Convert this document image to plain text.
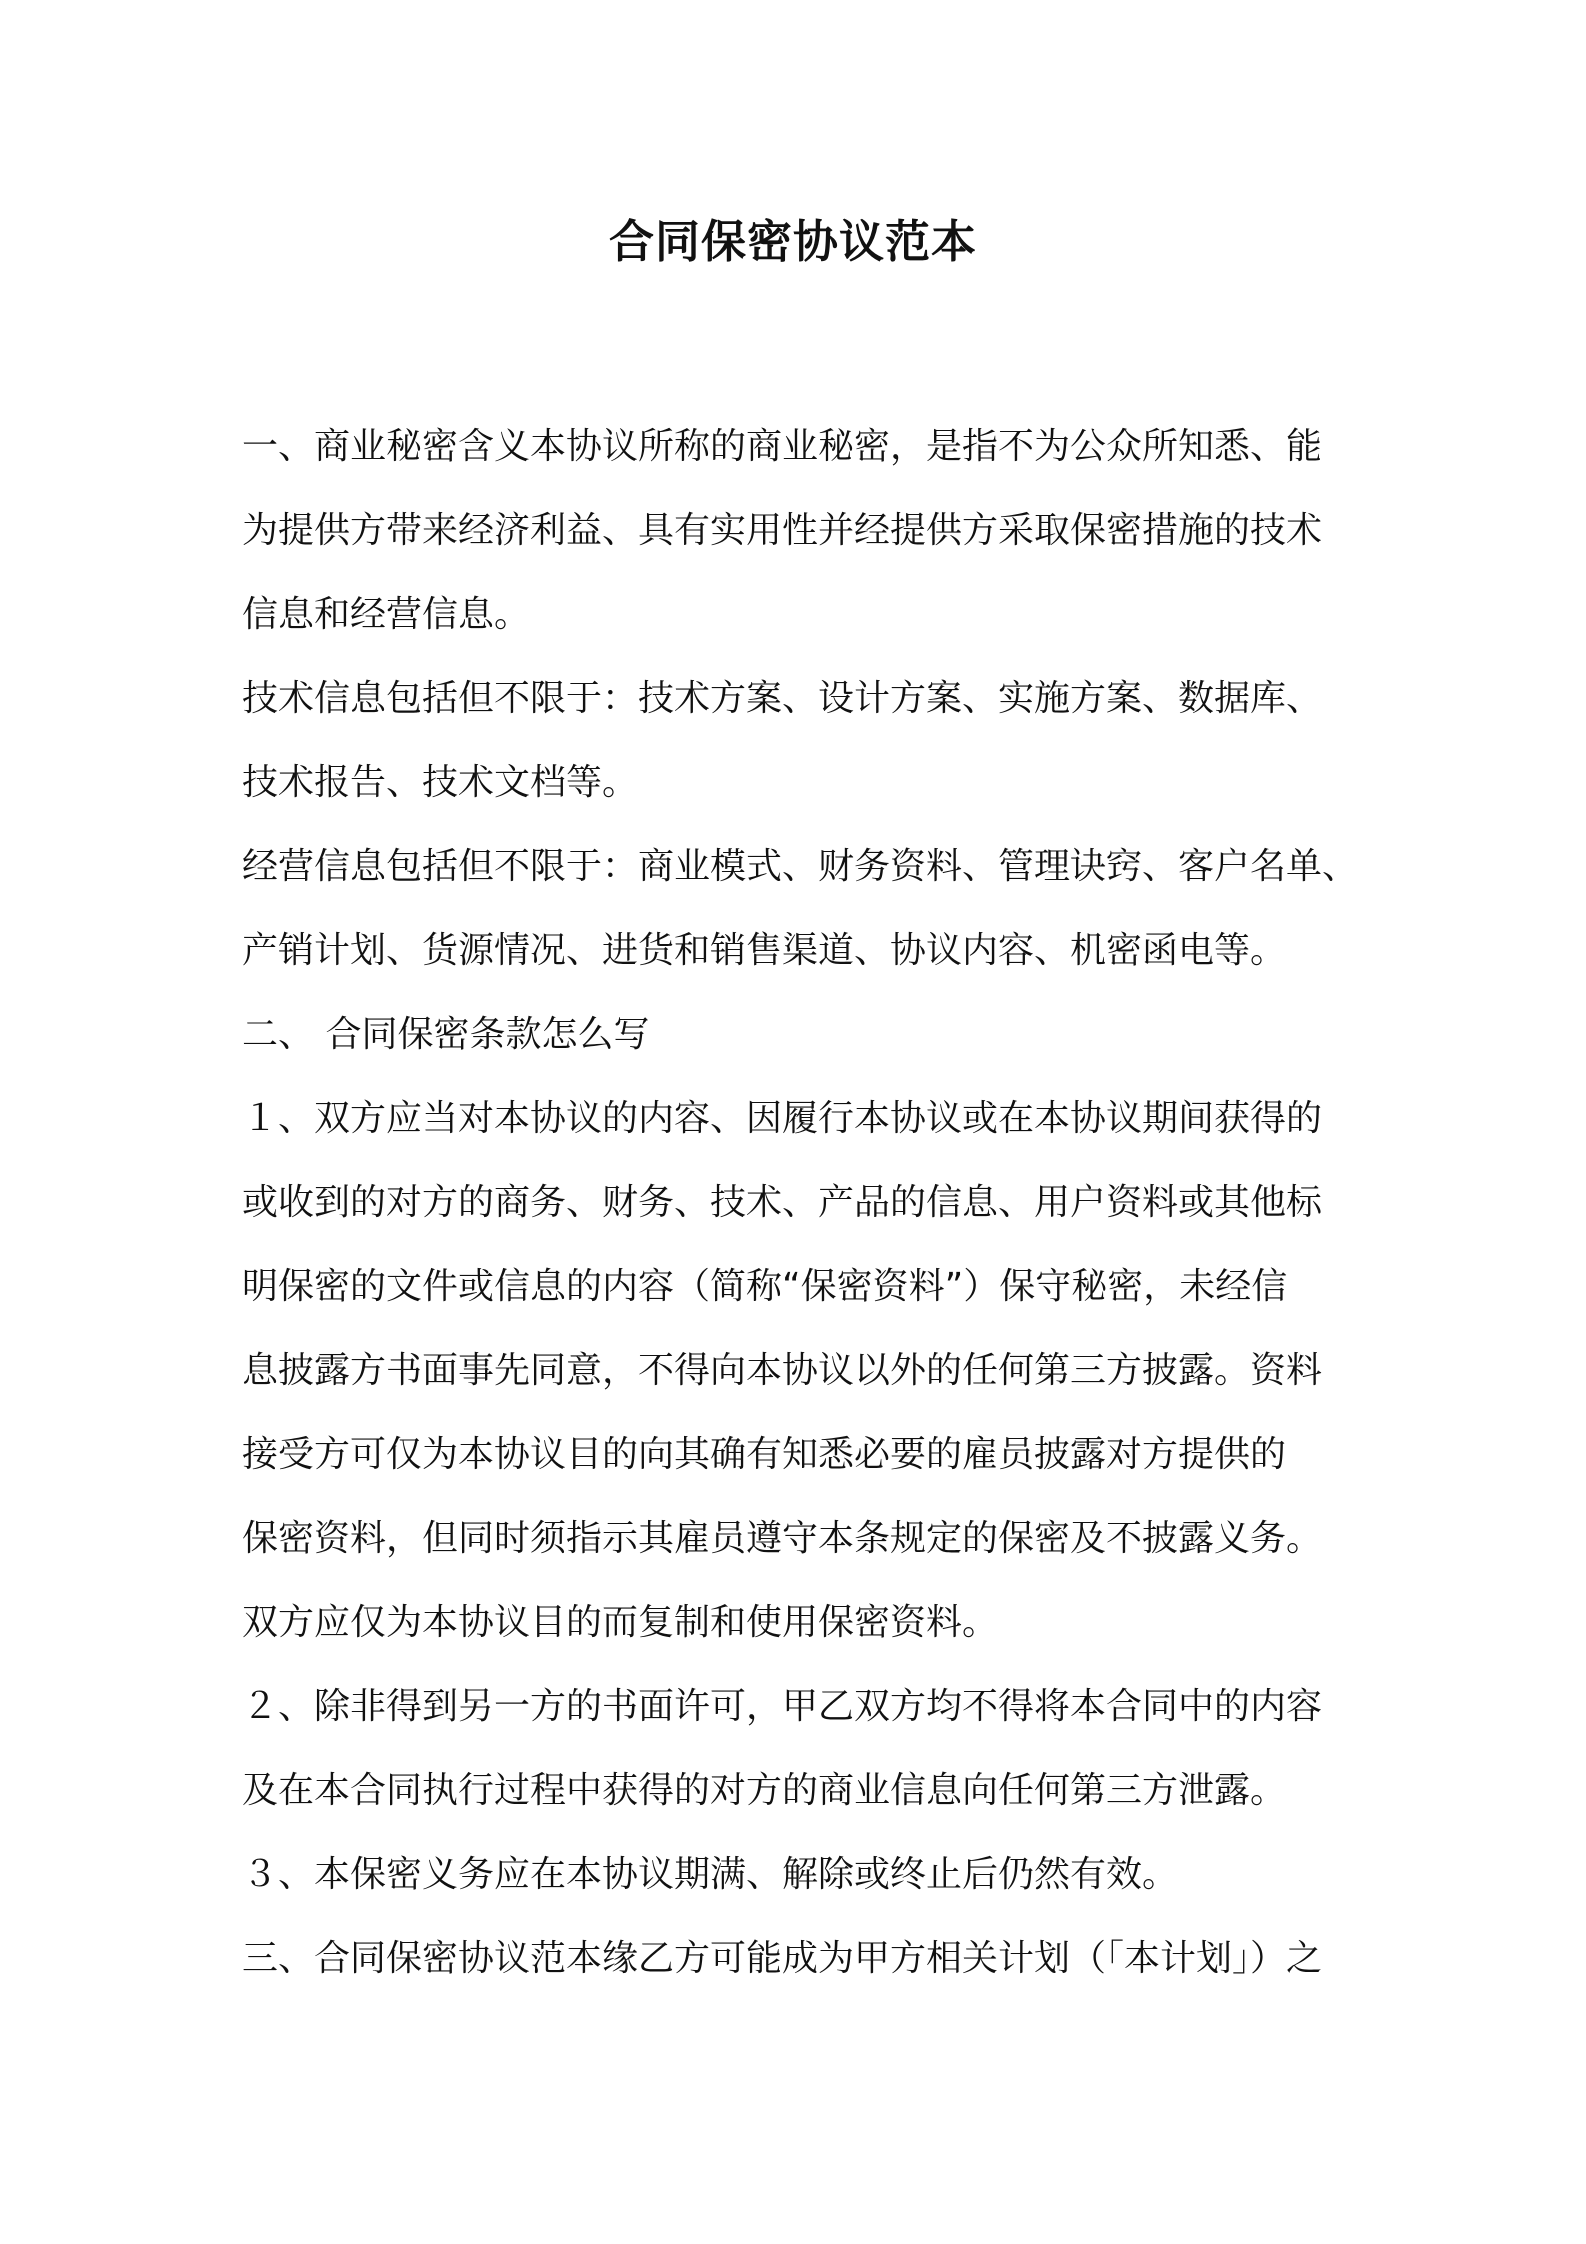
合同保密协议范本
一、商业秘密含义本协议所称的商业秘密，是指不为公众所知悉、能
为提供方带来经济利益、具有实用性并经提供方采取保密措施的技术
信息和经营信息。
技术信息包括但不限于：技术方案、设计方案、实施方案、数据库、
技术报告、技术文档等。
经营信息包括但不限于：商业模式、财务资料、管理诀窍、客户名单、
产销计划、货源情况、进货和销售渠道、协议内容、机密函电等。
二、 合同保密条款怎么写
１、双方应当对本协议的内容、因履行本协议或在本协议期间获得的
或收到的对方的商务、财务、技术、产品的信息、用户资料或其他标
明保密的文件或信息的内容（简称“保密资料”）保守秘密，未经信
息披露方书面事先同意，不得向本协议以外的任何第三方披露。资料
接受方可仅为本协议目的向其确有知悉必要的雇员披露对方提供的
保密资料，但同时须指示其雇员遵守本条规定的保密及不披露义务。
双方应仅为本协议目的而复制和使用保密资料。
２、除非得到另一方的书面许可，甲乙双方均不得将本合同中的内容
及在本合同执行过程中获得的对方的商业信息向任何第三方泄露。
３、本保密义务应在本协议期满、解除或终止后仍然有效。
三、合同保密协议范本缘乙方可能成为甲方相关计划（「本计划」）之
